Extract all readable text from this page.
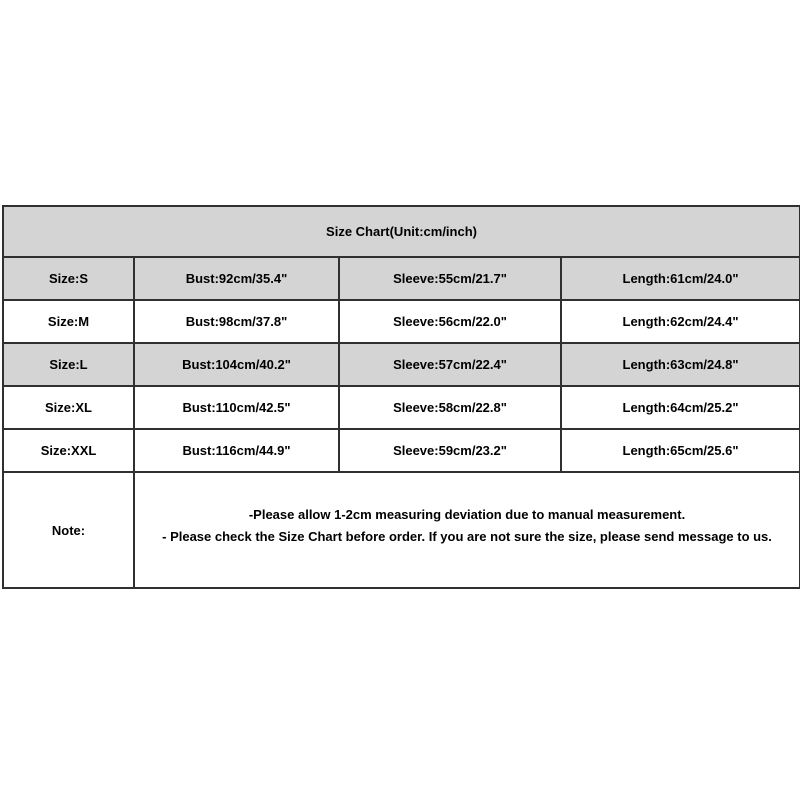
Size Chart(Unit:cm/inch)			
Size:S	Bust:92cm/35.4"	Sleeve:55cm/21.7"	Length:61cm/24.0"
Size:M	Bust:98cm/37.8"	Sleeve:56cm/22.0"	Length:62cm/24.4"
Size:L	Bust:104cm/40.2"	Sleeve:57cm/22.4"	Length:63cm/24.8"
Size:XL	Bust:110cm/42.5"	Sleeve:58cm/22.8"	Length:64cm/25.2"
Size:XXL	Bust:116cm/44.9"	Sleeve:59cm/23.2"	Length:65cm/25.6"
Note:	-Please allow 1-2cm measuring deviation due to manual measurement.
- Please check the Size Chart before order. If you are not sure the size, please send message to us.		
